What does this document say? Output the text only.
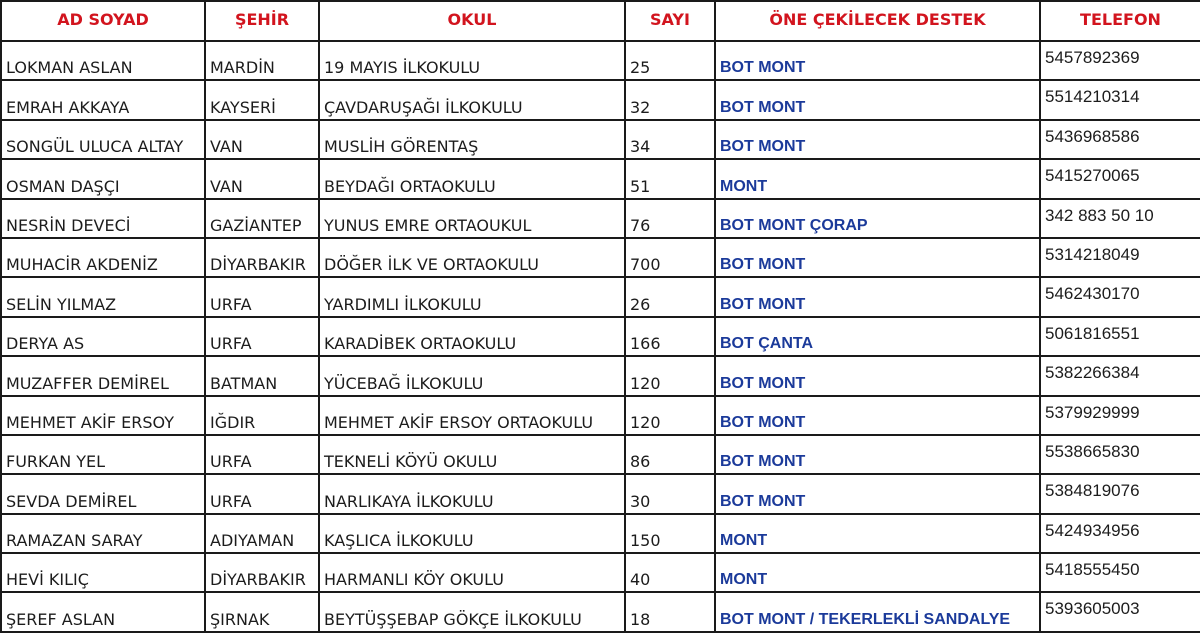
AD SOYAD	ŞEHİR	OKUL	SAYI	ÖNE ÇEKİLECEK DESTEK	TELEFON
LOKMAN ASLAN	MARDİN	19 MAYIS İLKOKULU	25	BOT MONT	5457892369
EMRAH AKKAYA	KAYSERİ	ÇAVDARUŞAĞI İLKOKULU	32	BOT MONT	5514210314
SONGÜL ULUCA ALTAY	VAN	MUSLİH GÖRENTAŞ	34	BOT MONT	5436968586
OSMAN DAŞÇI	VAN	BEYDAĞI ORTAOKULU	51	MONT	5415270065
NESRİN DEVECİ	GAZİANTEP	YUNUS EMRE ORTAOUKUL	76	BOT MONT ÇORAP	342 883 50 10
MUHACİR AKDENİZ	DİYARBAKIR	DÖĞER İLK VE ORTAOKULU	700	BOT MONT	5314218049
SELİN YILMAZ	URFA	YARDIMLI İLKOKULU	26	BOT MONT	5462430170
DERYA AS	URFA	KARADİBEK ORTAOKULU	166	BOT ÇANTA	5061816551
MUZAFFER DEMİREL	BATMAN	YÜCEBAĞ İLKOKULU	120	BOT MONT	5382266384
MEHMET AKİF ERSOY	IĞDIR	MEHMET AKİF ERSOY ORTAOKULU	120	BOT MONT	5379929999
FURKAN YEL	URFA	TEKNELİ KÖYÜ OKULU	86	BOT MONT	5538665830
SEVDA DEMİREL	URFA	NARLIKAYA İLKOKULU	30	BOT MONT	5384819076
RAMAZAN SARAY	ADIYAMAN	KAŞLICA İLKOKULU	150	MONT	5424934956
HEVİ KILIÇ	DİYARBAKIR	HARMANLI KÖY OKULU	40	MONT	5418555450
ŞEREF ASLAN	ŞIRNAK	BEYTÜŞŞEBAP GÖKÇE İLKOKULU	18	BOT MONT / TEKERLEKLİ SANDALYE	5393605003
